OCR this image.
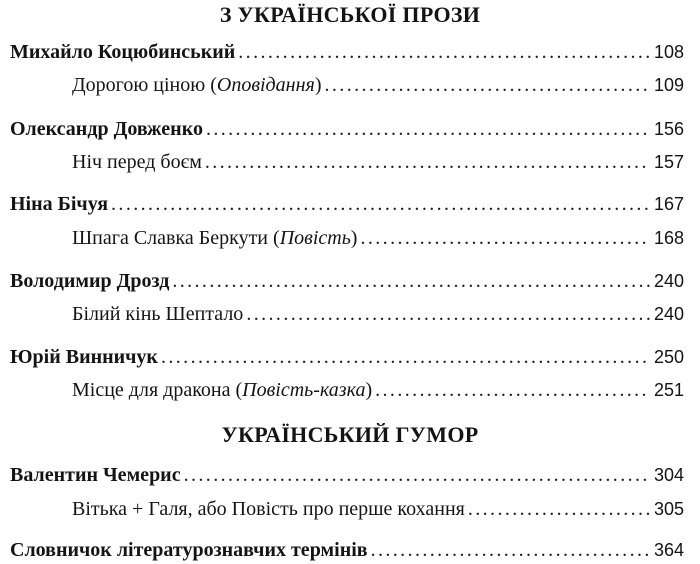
З УКРАЇНСЬКОЇ ПРОЗИ
Михайло Коцюбинський . . .	108
Дорогою ціною (Оповідання) . . .	109
Олександр Довженко . . .	156
Ніч перед боєм . . .	157
Ніна Бічуя . . .	167
Шпага Славка Беркути (Повість) . . .	168
Володимир Дрозд . . .	240
Білий кінь Шептало . . .	240
Юрій Винничук . . .	250
Місце для дракона (Повість-казка) . . .	251
УКРАЇНСЬКИЙ ГУМОР
Валентин Чемерис . . .	304
Вітька + Галя, або Повість про перше кохання . . .	305
Словничок літературознавчих термінів . . .	364
